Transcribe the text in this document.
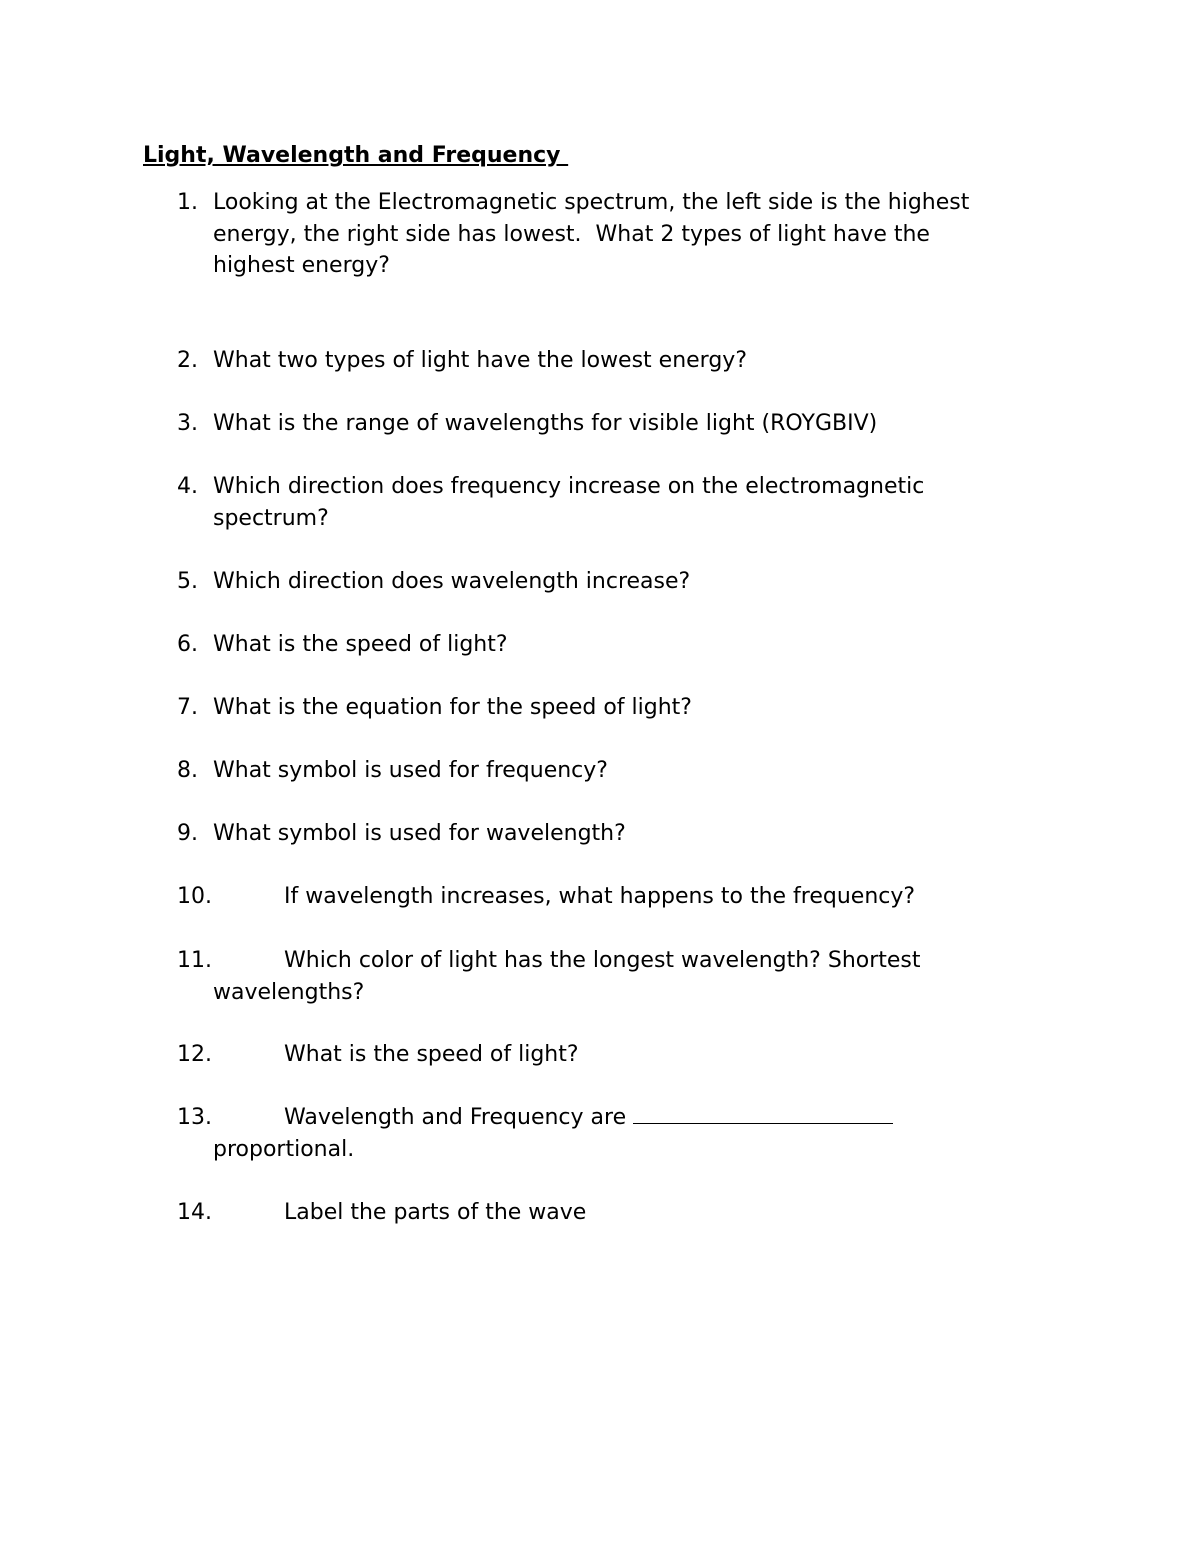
Light, Wavelength and Frequency
1. Looking at the Electromagnetic spectrum, the left side is the highest
energy, the right side has lowest.  What 2 types of light have the
highest energy?
2. What two types of light have the lowest energy?
3. What is the range of wavelengths for visible light (ROYGBIV)
4. Which direction does frequency increase on the electromagnetic
spectrum?
5. Which direction does wavelength increase?
6. What is the speed of light?
7. What is the equation for the speed of light?
8. What symbol is used for frequency?
9. What symbol is used for wavelength?
10.	If wavelength increases, what happens to the frequency?
11.	Which color of light has the longest wavelength? Shortest
wavelengths?
12.	What is the speed of light?
13.	Wavelength and Frequency are
proportional.
14.	Label the parts of the wave
